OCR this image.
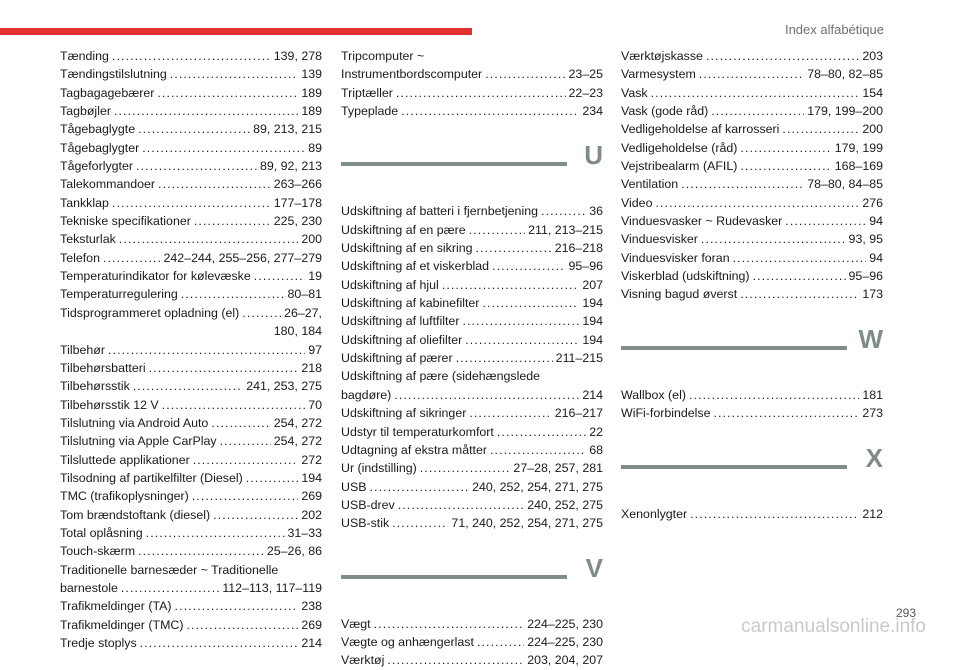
Index alfabétique
Tænding .....	139, 278
Tændingstilslutning .....	139
Tagbagagebærer .....	189
Tagbøjler .....	189
Tågebaglygte .....	89, 213, 215
Tågebaglygter .....	89
Tågeforlygter .....	89, 92, 213
Talekommandoer .....	263–266
Tankklap .....	177–178
Tekniske specifikationer .....	225, 230
Teksturlak .....	200
Telefon .....	242–244, 255–256, 277–279
Temperaturindikator for kølevæske .....	19
Temperaturregulering .....	80–81
Tidsprogrammeret opladning (el) .....	26–27,
180, 184
Tilbehør .....	97
Tilbehørsbatteri .....	218
Tilbehørsstik .....	241, 253, 275
Tilbehørsstik 12 V .....	70
Tilslutning via Android Auto .....	254, 272
Tilslutning via Apple CarPlay .....	254, 272
Tilsluttede applikationer .....	272
Tilsodning af partikelfilter (Diesel) .....	194
TMC (trafikoplysninger) .....	269
Tom brændstoftank (diesel) .....	202
Total oplåsning .....	31–33
Touch-skærm .....	25–26, 86
Traditionelle barnesæder ~ Traditionelle
barnestole .....	112–113, 117–119
Trafikmeldinger (TA) .....	238
Trafikmeldinger (TMC) .....	269
Tredje stoplys .....	214
Tripcomputer ~
Instrumentbordscomputer .....	23–25
Triptæller .....	22–23
Typeplade .....	234
U
Udskiftning af batteri i fjernbetjening .....	36
Udskiftning af en pære .....	211, 213–215
Udskiftning af en sikring .....	216–218
Udskiftning af et viskerblad .....	95–96
Udskiftning af hjul .....	207
Udskiftning af kabinefilter .....	194
Udskiftning af luftfilter .....	194
Udskiftning af oliefilter .....	194
Udskiftning af pærer .....	211–215
Udskiftning af pære (sidehængslede
bagdøre) .....	214
Udskiftning af sikringer .....	216–217
Udstyr til temperaturkomfort .....	22
Udtagning af ekstra måtter .....	68
Ur (indstilling) .....	27–28, 257, 281
USB .....	240, 252, 254, 271, 275
USB-drev .....	240, 252, 275
USB-stik .....	71, 240, 252, 254, 271, 275
V
Vægt .....	224–225, 230
Vægte og anhængerlast .....	224–225, 230
Værktøj .....	203, 204, 207
Værktøjskasse .....	203
Varmesystem .....	78–80, 82–85
Vask .....	154
Vask (gode råd) .....	179, 199–200
Vedligeholdelse af karrosseri .....	200
Vedligeholdelse (råd) .....	179, 199
Vejstribealarm (AFIL) .....	168–169
Ventilation .....	78–80, 84–85
Video .....	276
Vinduesvasker ~ Rudevasker .....	94
Vinduesvisker .....	93, 95
Vinduesvisker foran .....	94
Viskerblad (udskiftning) .....	95–96
Visning bagud øverst .....	173
W
Wallbox (el) .....	181
WiFi-forbindelse .....	273
X
Xenonlygter .....	212
293
carmanualsonline.info
